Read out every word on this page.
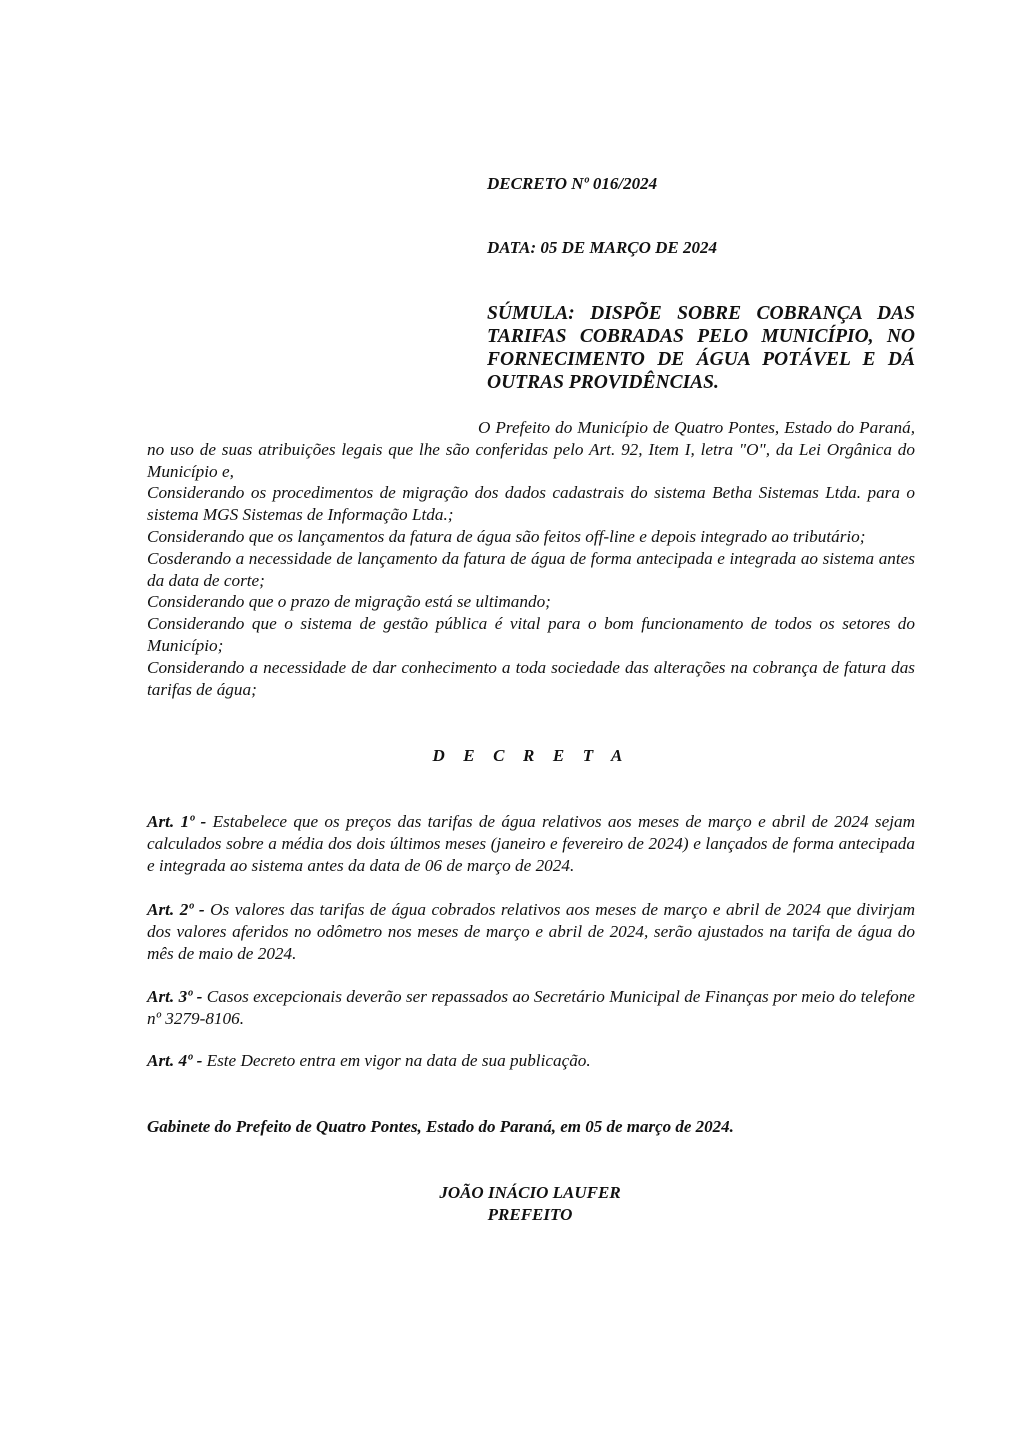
DECRETO Nº 016/2024
DATA: 05 DE MARÇO DE 2024
SÚMULA: DISPÕE SOBRE COBRANÇA DAS TARIFAS COBRADAS PELO MUNICÍPIO, NO FORNECIMENTO DE ÁGUA POTÁVEL E DÁ OUTRAS PROVIDÊNCIAS.

O Prefeito do Município de Quatro Pontes, Estado do Paraná, no uso de suas atribuições legais que lhe são conferidas pelo Art. 92, Item I, letra "O", da Lei Orgânica do Município e,

Considerando os procedimentos de migração dos dados cadastrais do sistema Betha Sistemas Ltda. para o sistema MGS Sistemas de Informação Ltda.;

Considerando que os lançamentos da fatura de água são feitos off-line e depois integrado ao tributário;

Cosderando a necessidade de lançamento da fatura de água de forma antecipada e integrada ao sistema antes da data de corte;

Considerando que o prazo de migração está se ultimando;

Considerando que o sistema de gestão pública é vital para o bom funcionamento de todos os setores do Município;

Considerando a necessidade de dar conhecimento a toda sociedade das alterações na cobrança de fatura das tarifas de água;

D E C R E T A
Art. 1º - Estabelece que os preços das tarifas de água relativos aos meses de março e abril de 2024 sejam calculados sobre a média dos dois últimos meses (janeiro e fevereiro de 2024) e lançados de forma antecipada e integrada ao sistema antes da data de 06 de março de 2024.
Art. 2º - Os valores das tarifas de água cobrados relativos aos meses de março e abril de 2024 que divirjam dos valores aferidos no odômetro nos meses de março e abril de 2024, serão ajustados na tarifa de água do mês de maio de 2024.
Art. 3º - Casos excepcionais deverão ser repassados ao Secretário Municipal de Finanças por meio do telefone nº 3279-8106.
Art. 4º - Este Decreto entra em vigor na data de sua publicação.
Gabinete do Prefeito de Quatro Pontes, Estado do Paraná, em 05 de março de 2024.
JOÃO INÁCIO LAUFER
PREFEITO
